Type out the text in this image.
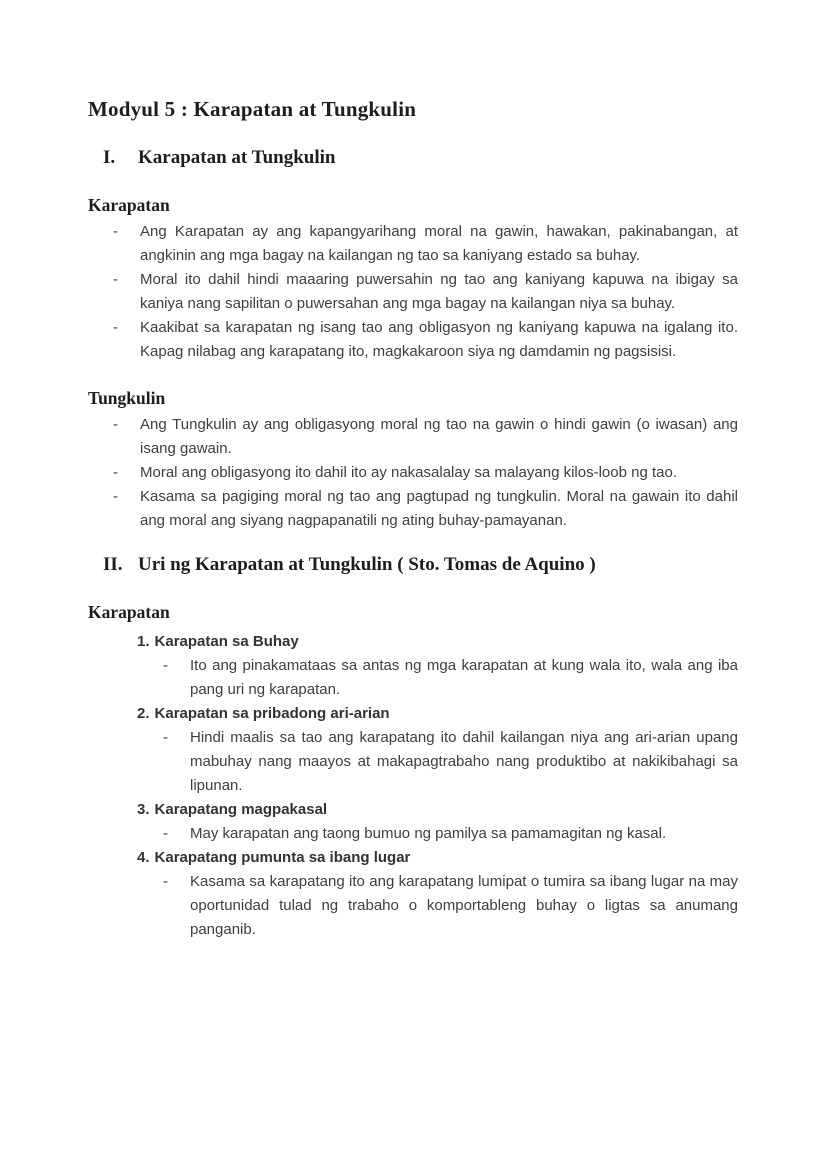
Modyul 5 : Karapatan at Tungkulin
I.	Karapatan at Tungkulin
Karapatan
-	Ang Karapatan ay ang kapangyarihang moral na gawin, hawakan, pakinabangan, at angkinin ang mga bagay na kailangan ng tao sa kaniyang estado sa buhay.
-	Moral ito dahil hindi maaaring puwersahin ng tao ang kaniyang kapuwa na ibigay sa kaniya nang sapilitan o puwersahan ang mga bagay na kailangan niya sa buhay.
-	Kaakibat sa karapatan ng isang tao ang obligasyon ng kaniyang kapuwa na igalang ito. Kapag nilabag ang karapatang ito, magkakaroon siya ng damdamin ng pagsisisi.
Tungkulin
-	Ang Tungkulin ay ang obligasyong moral ng tao na gawin o hindi gawin (o iwasan) ang isang gawain.
-	Moral ang obligasyong ito dahil ito ay nakasalalay sa malayang kilos-loob ng tao.
-	Kasama sa pagiging moral ng tao ang pagtupad ng tungkulin. Moral na gawain ito dahil ang moral ang siyang nagpapanatili ng ating buhay-pamayanan.
II. Uri ng Karapatan at Tungkulin ( Sto. Tomas de Aquino )
Karapatan
1. Karapatan sa Buhay
-	Ito ang pinakamataas sa antas ng mga karapatan at kung wala ito, wala ang iba pang uri ng karapatan.
2. Karapatan sa pribadong ari-arian
-	Hindi maalis sa tao ang karapatang ito dahil kailangan niya ang ari-arian upang mabuhay nang maayos at makapagtrabaho nang produktibo at nakikibahagi sa lipunan.
3. Karapatang magpakasal
-	May karapatan ang taong bumuo ng pamilya sa pamamagitan ng kasal.
4. Karapatang pumunta sa ibang lugar
-	Kasama sa karapatang ito ang karapatang lumipat o tumira sa ibang lugar na may oportunidad tulad ng trabaho o komportableng buhay o ligtas sa anumang panganib.
